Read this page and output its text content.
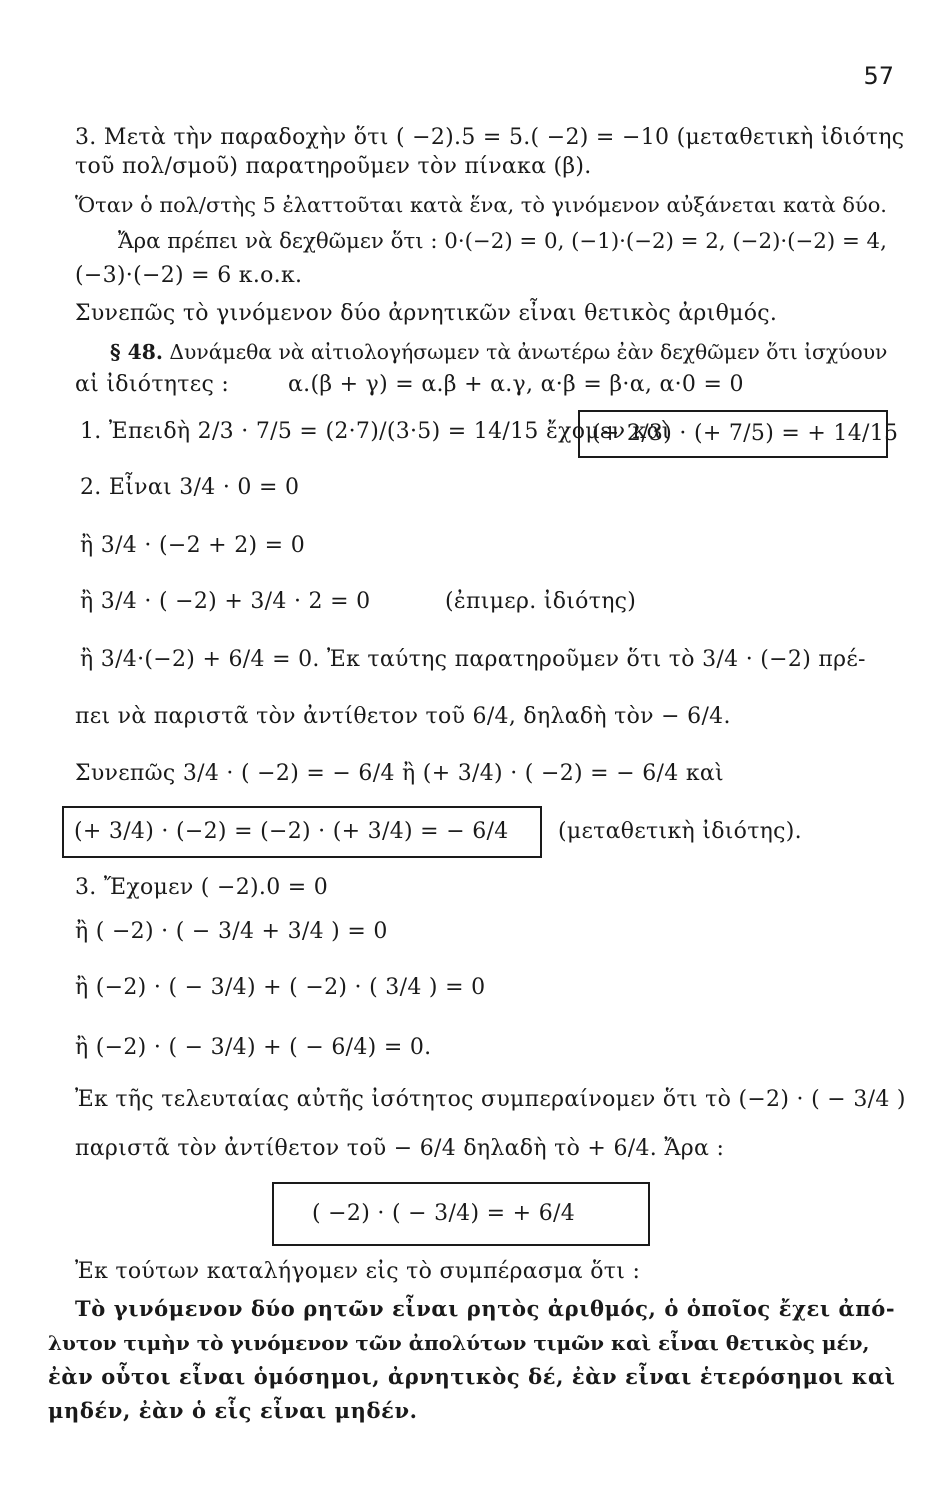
57
3. Μετὰ τὴν παραδοχὴν ὅτι ( −2).5 = 5.( −2) = −10 (μεταθετικὴ ἰδιότης
τοῦ πολ/σμοῦ) παρατηροῦμεν τὸν πίνακα (β).
Ὅταν ὁ πολ/στὴς 5 ἐλαττοῦται κατὰ ἕνα, τὸ γινόμενον αὐξάνεται κατὰ δύο.
Ἄρα πρέπει νὰ δεχθῶμεν ὅτι : 0·(−2) = 0, (−1)·(−2) = 2, (−2)·(−2) = 4,
(−3)·(−2) = 6 κ.ο.κ.
Συνεπῶς τὸ γινόμενον δύο ἀρνητικῶν εἶναι θετικὸς ἀριθμός.
§ 48. Δυνάμεθα νὰ αἰτιολογήσωμεν τὰ ἀνωτέρω ἐὰν δεχθῶμεν ὅτι ἰσχύουν
αἱ ἰδιότητες :	α.(β + γ) = α.β + α.γ, α·β = β·α, α·0 = 0
1. Ἐπειδὴ 2/3 · 7/5 = (2·7)/(3·5) = 14/15 ἔχομεν καὶ
(+ 2/3) · (+ 7/5) = + 14/15
2. Εἶναι 3/4 · 0 = 0
ἢ 3/4 · (−2 + 2) = 0
ἢ 3/4 · ( −2) + 3/4 · 2 = 0	(ἐπιμερ. ἰδιότης)
ἢ 3/4·(−2) + 6/4 = 0. Ἐκ ταύτης παρατηροῦμεν ὅτι τὸ 3/4 · (−2) πρέ-
πει νὰ παριστᾶ τὸν ἀντίθετον τοῦ 6/4, δηλαδὴ τὸν − 6/4.
Συνεπῶς 3/4 · ( −2) = − 6/4 ἢ (+ 3/4) · ( −2) = − 6/4 καὶ
(+ 3/4) · (−2) = (−2) · (+ 3/4) = − 6/4 (μεταθετικὴ ἰδιότης).
3. Ἔχομεν ( −2).0 = 0
ἢ ( −2) · ( − 3/4 + 3/4 ) = 0
ἢ (−2) · ( − 3/4) + ( −2) · ( 3/4 ) = 0
ἢ (−2) · ( − 3/4) + ( − 6/4) = 0.
Ἐκ τῆς τελευταίας αὐτῆς ἰσότητος συμπεραίνομεν ὅτι τὸ (−2) · ( − 3/4 )
παριστᾶ τὸν ἀντίθετον τοῦ − 6/4 δηλαδὴ τὸ + 6/4. Ἄρα :
( −2) · ( − 3/4) = + 6/4
Ἐκ τούτων καταλήγομεν εἰς τὸ συμπέρασμα ὅτι :
Τὸ γινόμενον δύο ρητῶν εἶναι ρητὸς ἀριθμός, ὁ ὁποῖος ἔχει ἀπό-
λυτον τιμὴν τὸ γινόμενον τῶν ἀπολύτων τιμῶν καὶ εἶναι θετικὸς μέν,
ἐὰν οὗτοι εἶναι ὁμόσημοι, ἀρνητικὸς δέ, ἐὰν εἶναι ἑτερόσημοι καὶ
μηδέν, ἐὰν ὁ εἷς εἶναι μηδέν.
